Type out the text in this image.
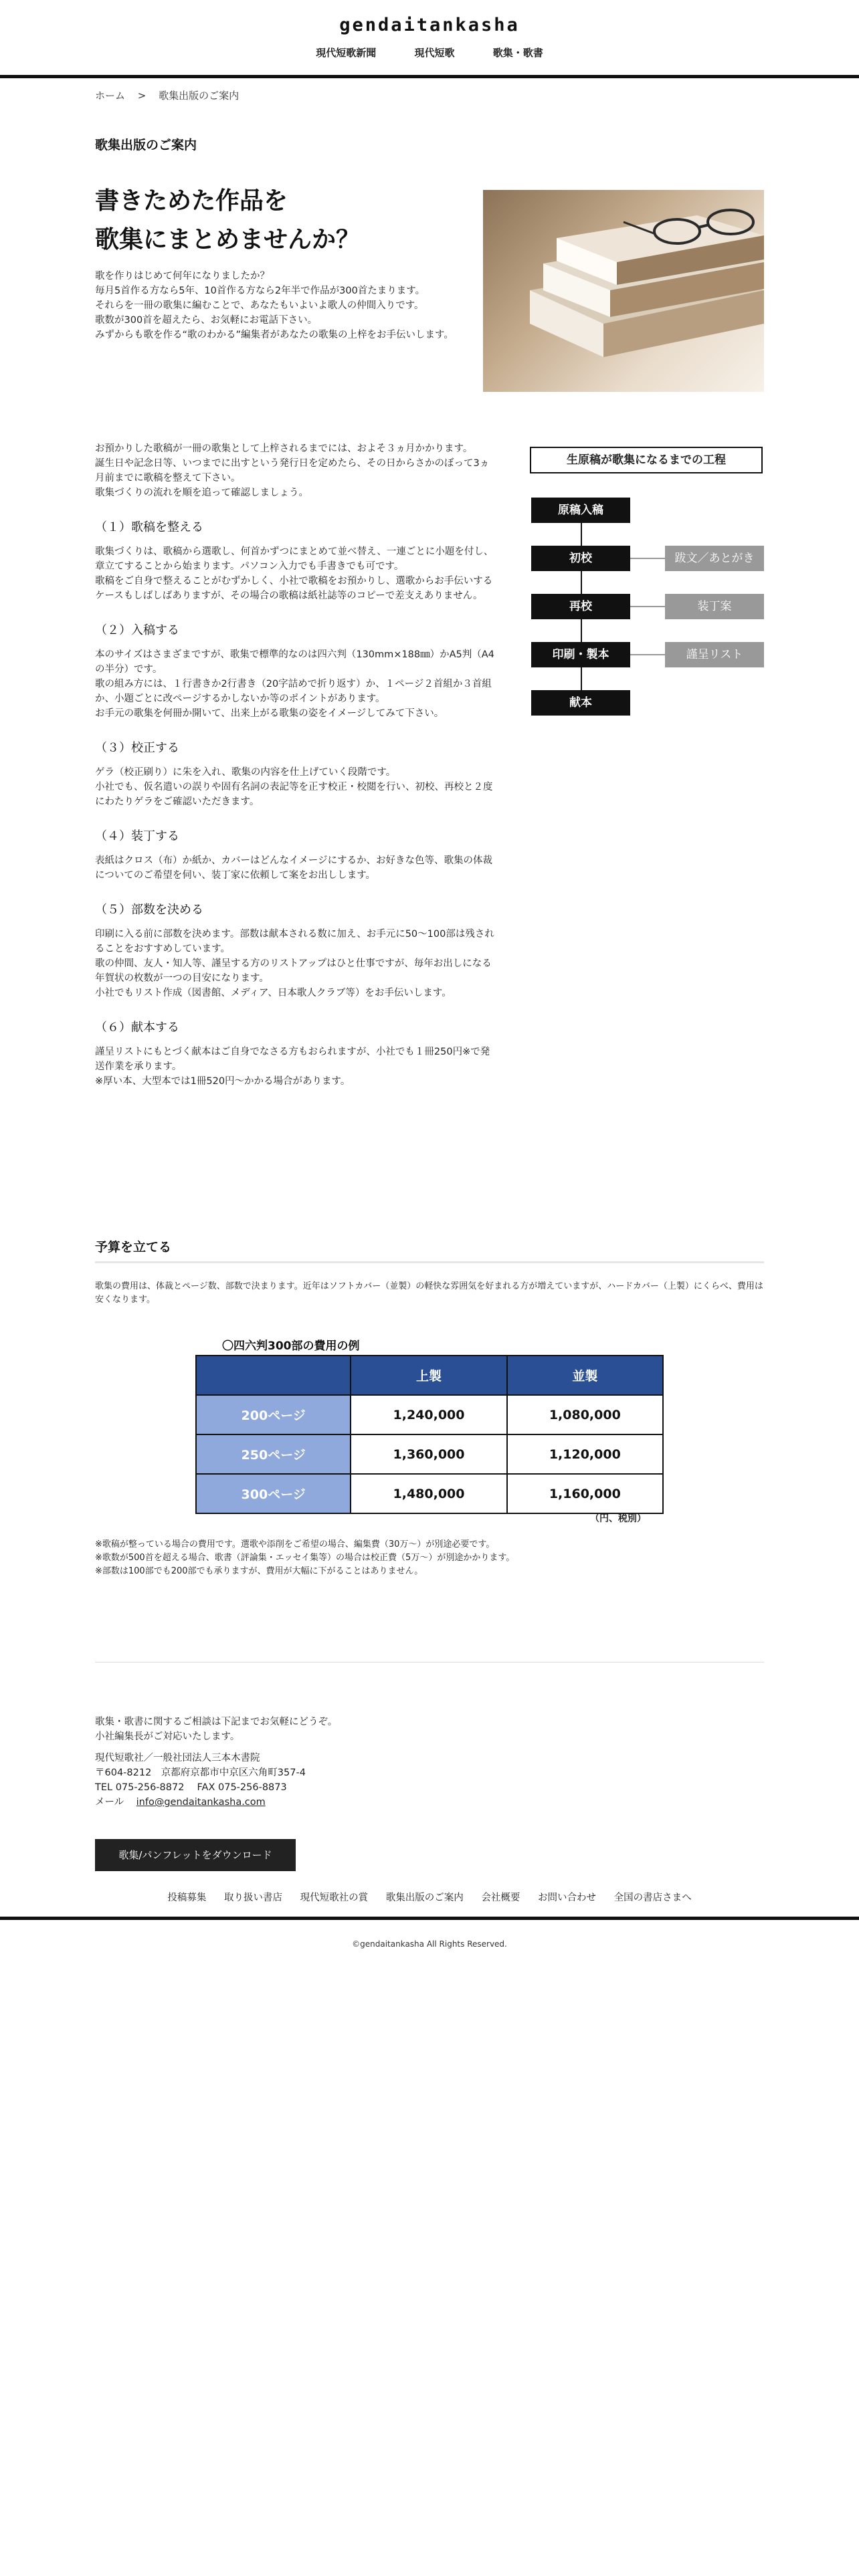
gendaitankasha
現代短歌新聞	現代短歌	歌集・歌書
ホーム > 歌集出版のご案内
歌集出版のご案内
書きためた作品を
歌集にまとめませんか？
歌を作りはじめて何年になりましたか？
毎月5首作る方なら5年、10首作る方なら2年半で作品が300首たまります。
それらを一冊の歌集に編むことで、あなたもいよいよ歌人の仲間入りです。
歌数が300首を超えたら、お気軽にお電話下さい。
みずからも歌を作る“歌のわかる”編集者があなたの歌集の上梓をお手伝いします。

お預かりした歌稿が一冊の歌集として上梓されるまでには、およそ３ヵ月かかります。

誕生日や記念日等、いつまでに出すという発行日を定めたら、その日からさかのぼって3ヵ月前までに歌稿を整えて下さい。

歌集づくりの流れを順を追って確認しましょう。

（１）歌稿を整える

歌集づくりは、歌稿から選歌し、何首かずつにまとめて並べ替え、一連ごとに小題を付し、章立てすることから始まります。パソコン入力でも手書きでも可です。

歌稿をご自身で整えることがむずかしく、小社で歌稿をお預かりし、選歌からお手伝いするケースもしばしばありますが、その場合の歌稿は紙社誌等のコピーで差支えありません。

（２）入稿する

本のサイズはさまざまですが、歌集で標準的なのは四六判（130mm×188㎜）かA5判（A4の半分）です。

歌の組み方には、１行書きか2行書き（20字詰めで折り返す）か、１ページ２首組か３首組か、小題ごとに改ページするかしないか等のポイントがあります。

お手元の歌集を何冊か開いて、出来上がる歌集の姿をイメージしてみて下さい。

（３）校正する

ゲラ（校正刷り）に朱を入れ、歌集の内容を仕上げていく段階です。

小社でも、仮名遣いの誤りや固有名詞の表記等を正す校正・校閲を行い、初校、再校と２度にわたりゲラをご確認いただきます。

（４）装丁する

表紙はクロス（布）か紙か、カバーはどんなイメージにするか、お好きな色等、歌集の体裁についてのご希望を伺い、装丁家に依頼して案をお出しします。

（５）部数を決める

印刷に入る前に部数を決めます。部数は献本される数に加え、お手元に50〜100部は残されることをおすすめしています。

歌の仲間、友人・知人等、謹呈する方のリストアップはひと仕事ですが、毎年お出しになる年賀状の枚数が一つの目安になります。

小社でもリスト作成（図書館、メディア、日本歌人クラブ等）をお手伝いします。

（６）献本する

謹呈リストにもとづく献本はご自身でなさる方もおられますが、小社でも１冊250円※で発送作業を承ります。

※厚い本、大型本では1冊520円〜かかる場合があります。

生原稿が歌集になるまでの工程
原稿入稿
初校
再校
印刷・製本
献本
跋文／あとがき
装丁案
謹呈リスト
予算を立てる
歌集の費用は、体裁とページ数、部数で決まります。近年はソフトカバー（並製）の軽快な雰囲気を好まれる方が増えていますが、ハードカバー（上製）にくらべ、費用は安くなります。
〇四六判300部の費用の例
	上製	並製
200ページ	1,240,000	1,080,000
250ページ	1,360,000	1,120,000
300ページ	1,480,000	1,160,000
（円、税別）
※歌稿が整っている場合の費用です。選歌や添削をご希望の場合、編集費（30万〜）が別途必要です。
※歌数が500首を超える場合、歌書（評論集・エッセイ集等）の場合は校正費（5万〜）が別途かかります。
※部数は100部でも200部でも承りますが、費用が大幅に下がることはありません。
歌集・歌書に関するご相談は下記までお気軽にどうぞ。
小社編集長がご対応いたします。
現代短歌社／一般社団法人三本木書院
〒604-8212　京都府京都市中京区六角町357-4
TEL 075-256-8872　 FAX 075-256-8873
メール info@gendaitankasha.com
歌集/パンフレットをダウンロード
投稿募集 取り扱い書店 現代短歌社の賞 歌集出版のご案内 会社概要 お問い合わせ 全国の書店さまへ
©gendaitankasha All Rights Reserved.
